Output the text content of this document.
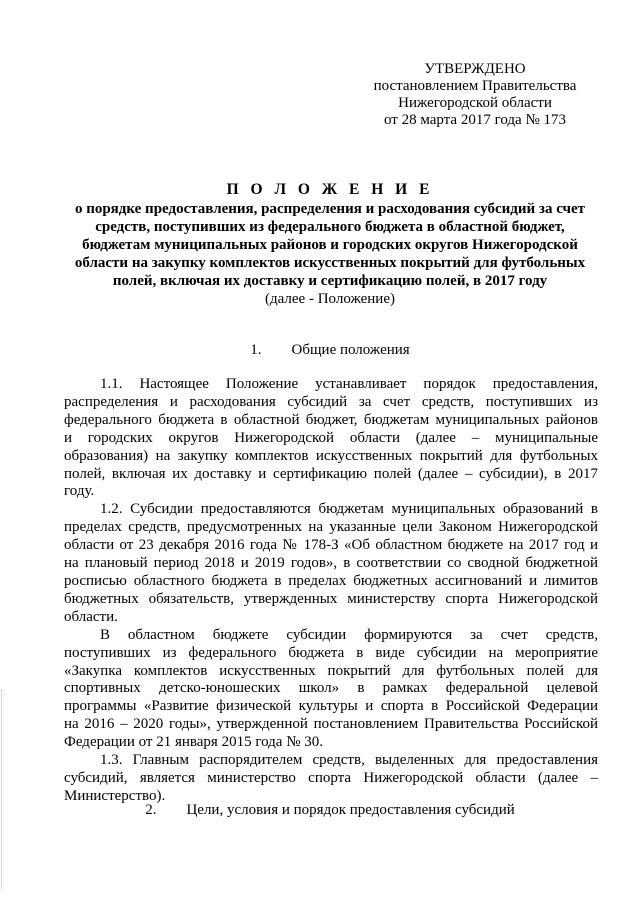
УТВЕРЖДЕНО
постановлением Правительства
Нижегородской области
от 28 марта 2017 года № 173
П О Л О Ж Е Н И Е
о порядке предоставления, распределения и расходования субсидий за счет
средств, поступивших из федерального бюджета в областной бюджет,
бюджетам муниципальных районов и городских округов Нижегородской
области на закупку комплектов искусственных покрытий для футбольных
полей, включая их доставку и сертификацию полей, в 2017 году
(далее - Положение)
1. Общие положения

1.1. Настоящее Положение устанавливает порядок предоставления,
распределения и расходования субсидий за счет средств, поступивших из
федерального бюджета в областной бюджет, бюджетам муниципальных районов
и городских округов Нижегородской области (далее – муниципальные
образования) на закупку комплектов искусственных покрытий для футбольных
полей, включая их доставку и сертификацию полей (далее – субсидии), в 2017
году.

1.2. Субсидии предоставляются бюджетам муниципальных образований в
пределах средств, предусмотренных на указанные цели Законом Нижегородской
области от 23 декабря 2016 года № 178-З «Об областном бюджете на 2017 год и
на плановый период 2018 и 2019 годов», в соответствии со сводной бюджетной
росписью областного бюджета в пределах бюджетных ассигнований и лимитов
бюджетных обязательств, утвержденных министерству спорта Нижегородской
области.

В областном бюджете субсидии формируются за счет средств,
поступивших из федерального бюджета в виде субсидии на мероприятие
«Закупка комплектов искусственных покрытий для футбольных полей для
спортивных детско-юношеских школ» в рамках федеральной целевой
программы «Развитие физической культуры и спорта в Российской Федерации
на 2016 – 2020 годы», утвержденной постановлением Правительства Российской
Федерации от 21 января 2015 года № 30.

1.3. Главным распорядителем средств, выделенных для предоставления
субсидий, является министерство спорта Нижегородской области (далее –
Министерство).

2. Цели, условия и порядок предоставления субсидий
